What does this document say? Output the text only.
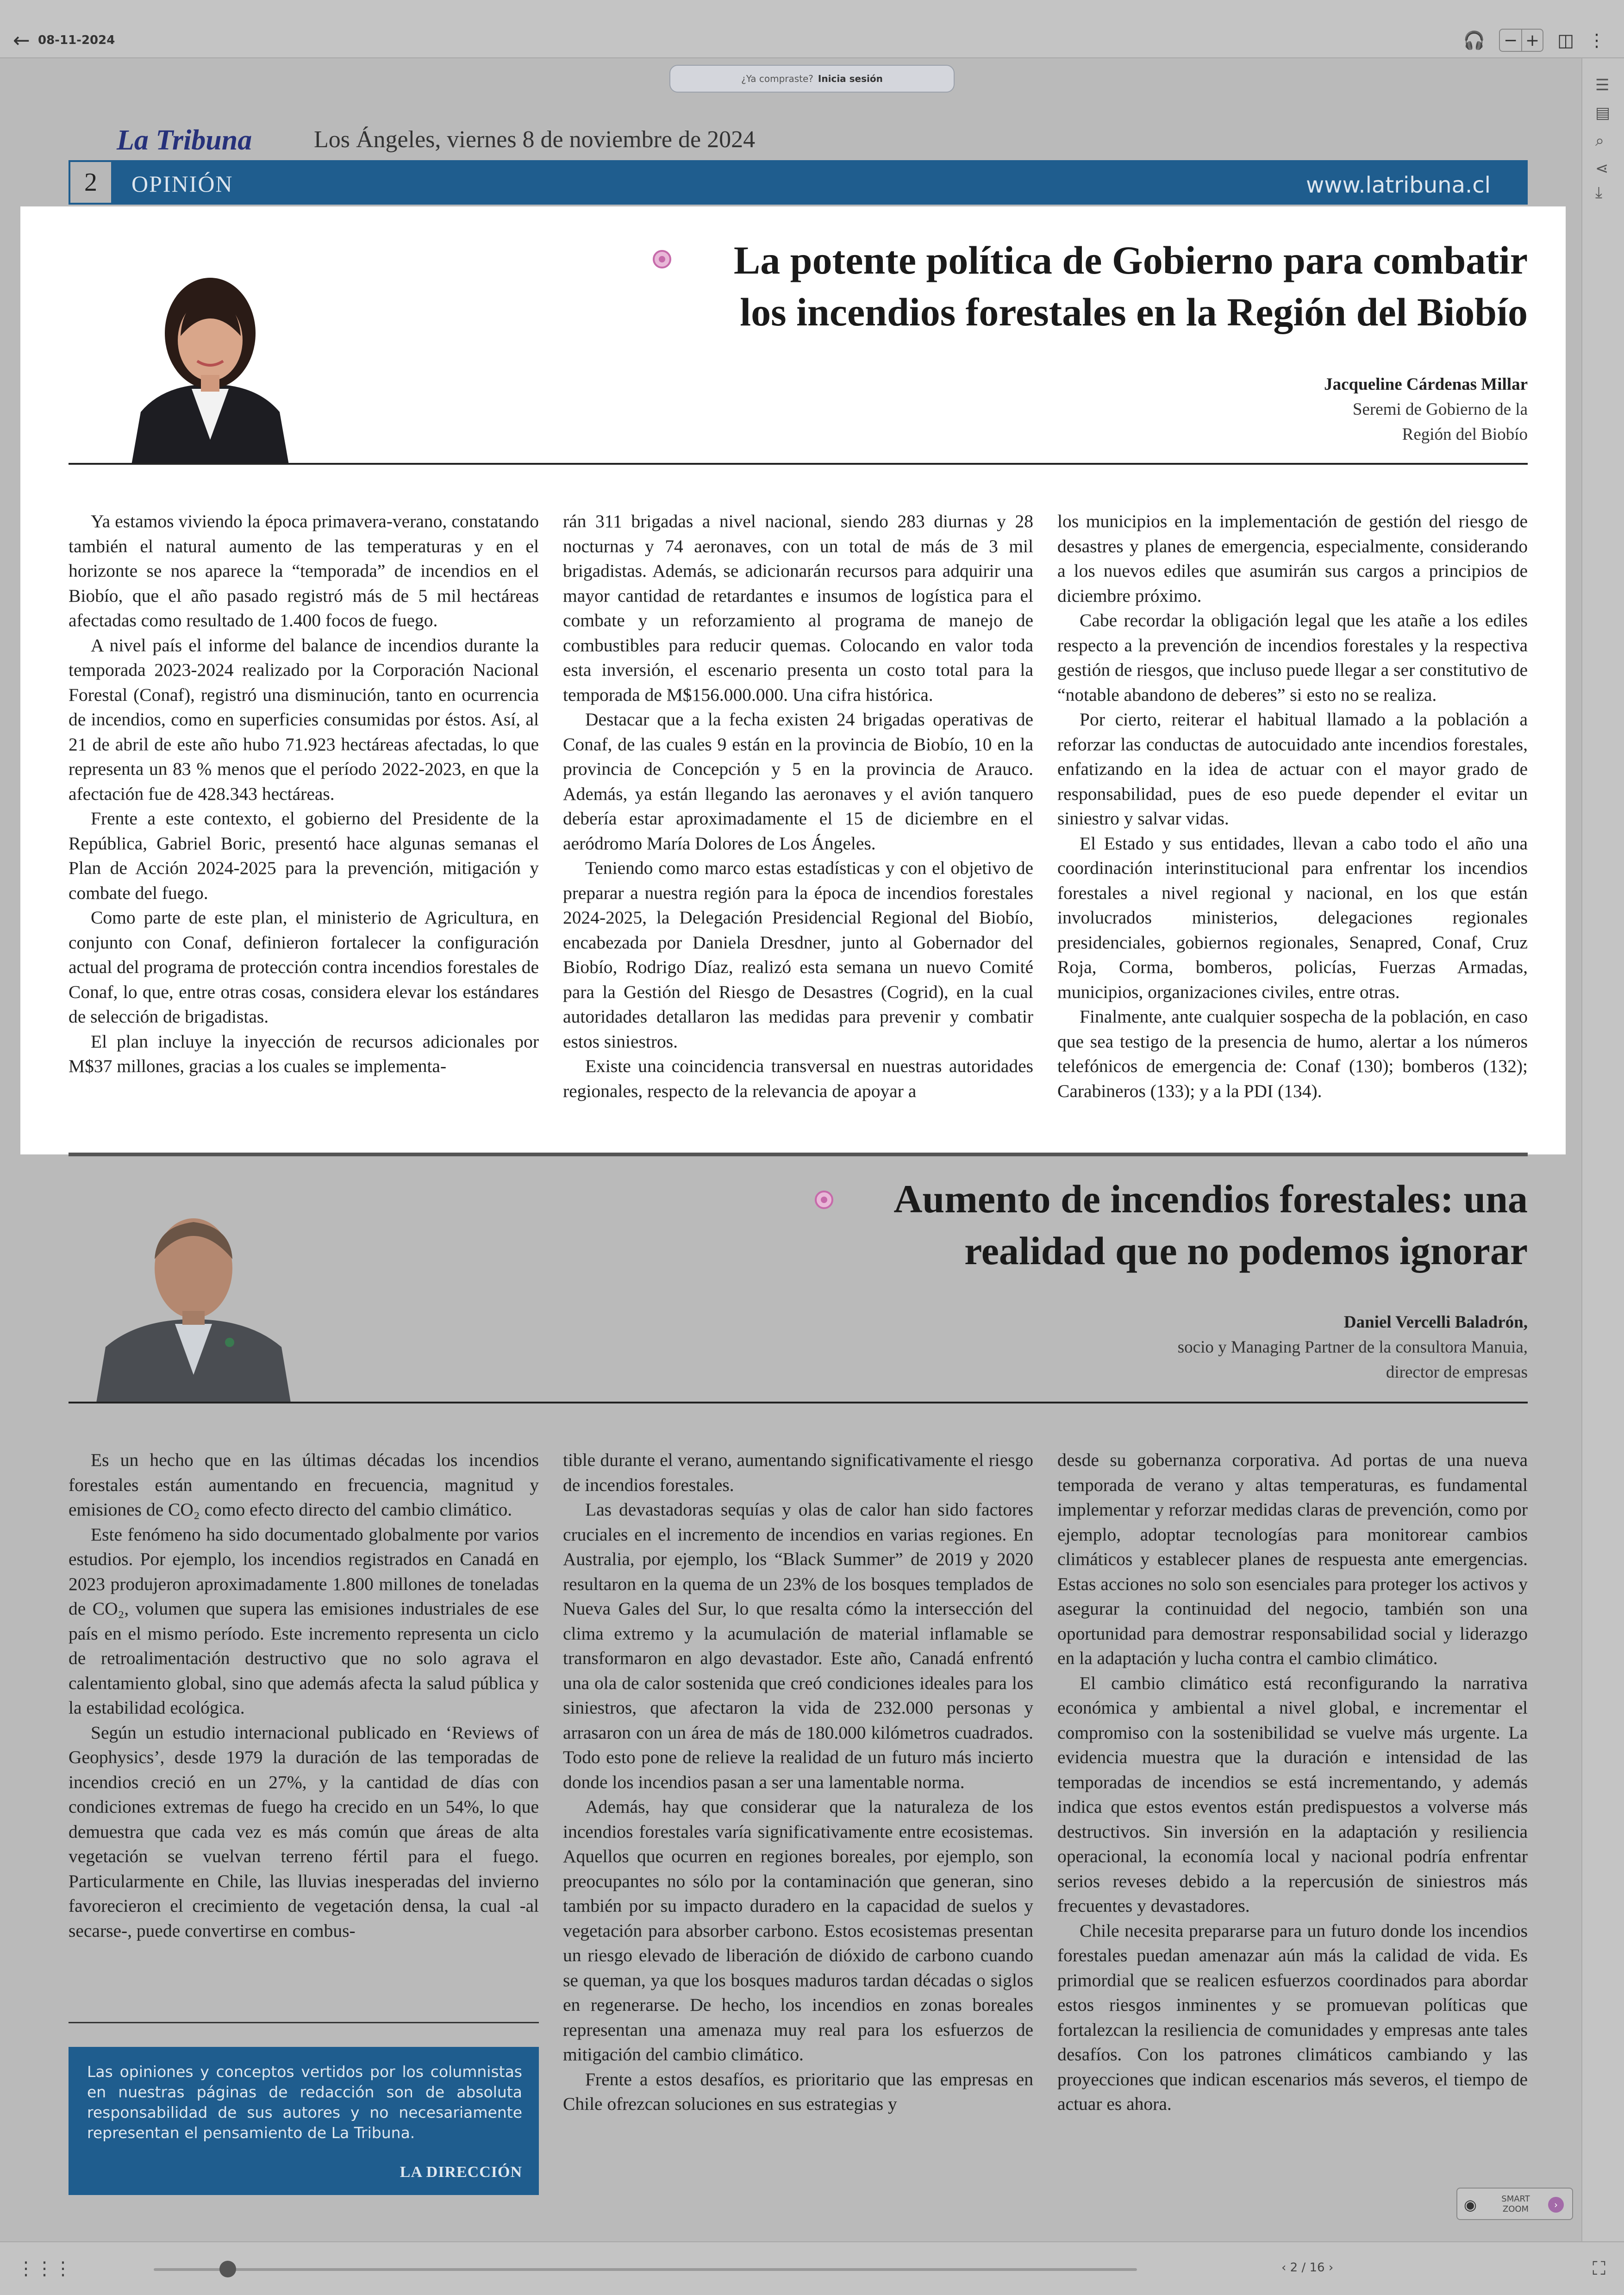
← 08-11-2024	🎧 − + ◫ ⋮
¿Ya compraste? Inicia sesión
La Tribuna	Los Ángeles, viernes 8 de noviembre de 2024
2	OPINIÓN	www.latribuna.cl
La potente política de Gobierno para combatir
los incendios forestales en la Región del Biobío
Jacqueline Cárdenas Millar
Seremi de Gobierno de la
Región del Biobío

Ya estamos viviendo la época primavera-verano, constatando también el natural aumento de las temperaturas y en el horizonte se nos aparece la “temporada” de incendios en el Biobío, que el año pasado registró más de 5 mil hectáreas afectadas como resultado de 1.400 focos de fuego.

A nivel país el informe del balance de incendios durante la temporada 2023-2024 realizado por la Corporación Nacional Forestal (Conaf), registró una disminución, tanto en ocurrencia de incendios, como en superficies consumidas por éstos. Así, al 21 de abril de este año hubo 71.923 hectáreas afectadas, lo que representa un 83 % menos que el período 2022-2023, en que la afectación fue de 428.343 hectáreas.

Frente a este contexto, el gobierno del Presidente de la República, Gabriel Boric, presentó hace algunas semanas el Plan de Acción 2024-2025 para la prevención, mitigación y combate del fuego.

Como parte de este plan, el ministerio de Agricultura, en conjunto con Conaf, definieron fortalecer la configuración actual del programa de protección contra incendios forestales de Conaf, lo que, entre otras cosas, considera elevar los estándares de selección de brigadistas.

El plan incluye la inyección de recursos adicionales por M$37 millones, gracias a los cuales se implementa-

rán 311 brigadas a nivel nacional, siendo 283 diurnas y 28 nocturnas y 74 aeronaves, con un total de más de 3 mil brigadistas. Además, se adicionarán recursos para adquirir una mayor cantidad de retardantes e insumos de logística para el combate y un reforzamiento al programa de manejo de combustibles para reducir quemas. Colocando en valor toda esta inversión, el escenario presenta un costo total para la temporada de M$156.000.000. Una cifra histórica.

Destacar que a la fecha existen 24 brigadas operativas de Conaf, de las cuales 9 están en la provincia de Biobío, 10 en la provincia de Concepción y 5 en la provincia de Arauco. Además, ya están llegando las aeronaves y el avión tanquero debería estar aproximadamente el 15 de diciembre en el aeródromo María Dolores de Los Ángeles.

Teniendo como marco estas estadísticas y con el objetivo de preparar a nuestra región para la época de incendios forestales 2024-2025, la Delegación Presidencial Regional del Biobío, encabezada por Daniela Dresdner, junto al Gobernador del Biobío, Rodrigo Díaz, realizó esta semana un nuevo Comité para la Gestión del Riesgo de Desastres (Cogrid), en la cual autoridades detallaron las medidas para prevenir y combatir estos siniestros.

Existe una coincidencia transversal en nuestras autoridades regionales, respecto de la relevancia de apoyar a

los municipios en la implementación de gestión del riesgo de desastres y planes de emergencia, especialmente, considerando a los nuevos ediles que asumirán sus cargos a principios de diciembre próximo.

Cabe recordar la obligación legal que les atañe a los ediles respecto a la prevención de incendios forestales y la respectiva gestión de riesgos, que incluso puede llegar a ser constitutivo de “notable abandono de deberes” si esto no se realiza.

Por cierto, reiterar el habitual llamado a la población a reforzar las conductas de autocuidado ante incendios forestales, enfatizando en la idea de actuar con el mayor grado de responsabilidad, pues de eso puede depender el evitar un siniestro y salvar vidas.

El Estado y sus entidades, llevan a cabo todo el año una coordinación interinstitucional para enfrentar los incendios forestales a nivel regional y nacional, en los que están involucrados ministerios, delegaciones regionales presidenciales, gobiernos regionales, Senapred, Conaf, Cruz Roja, Corma, bomberos, policías, Fuerzas Armadas, municipios, organizaciones civiles, entre otras.

Finalmente, ante cualquier sospecha de la población, en caso que sea testigo de la presencia de humo, alertar a los números telefónicos de emergencia de: Conaf (130); bomberos (132); Carabineros (133); y a la PDI (134).

Aumento de incendios forestales: una
realidad que no podemos ignorar
Daniel Vercelli Baladrón,
socio y Managing Partner de la consultora Manuia,
director de empresas

Es un hecho que en las últimas décadas los incendios forestales están aumentando en frecuencia, magnitud y emisiones de CO₂ como efecto directo del cambio climático.

Este fenómeno ha sido documentado globalmente por varios estudios. Por ejemplo, los incendios registrados en Canadá en 2023 produjeron aproximadamente 1.800 millones de toneladas de CO₂, volumen que supera las emisiones industriales de ese país en el mismo período. Este incremento representa un ciclo de retroalimentación destructivo que no solo agrava el calentamiento global, sino que además afecta la salud pública y la estabilidad ecológica.

Según un estudio internacional publicado en ‘Reviews of Geophysics’, desde 1979 la duración de las temporadas de incendios creció en un 27%, y la cantidad de días con condiciones extremas de fuego ha crecido en un 54%, lo que demuestra que cada vez es más común que áreas de alta vegetación se vuelvan terreno fértil para el fuego. Particularmente en Chile, las lluvias inesperadas del invierno favorecieron el crecimiento de vegetación densa, la cual -al secarse-, puede convertirse en combus-

tible durante el verano, aumentando significativamente el riesgo de incendios forestales.

Las devastadoras sequías y olas de calor han sido factores cruciales en el incremento de incendios en varias regiones. En Australia, por ejemplo, los “Black Summer” de 2019 y 2020 resultaron en la quema de un 23% de los bosques templados de Nueva Gales del Sur, lo que resalta cómo la intersección del clima extremo y la acumulación de material inflamable se transformaron en algo devastador. Este año, Canadá enfrentó una ola de calor sostenida que creó condiciones ideales para los siniestros, que afectaron la vida de 232.000 personas y arrasaron con un área de más de 180.000 kilómetros cuadrados. Todo esto pone de relieve la realidad de un futuro más incierto donde los incendios pasan a ser una lamentable norma.

Además, hay que considerar que la naturaleza de los incendios forestales varía significativamente entre ecosistemas. Aquellos que ocurren en regiones boreales, por ejemplo, son preocupantes no sólo por la contaminación que generan, sino también por su impacto duradero en la capacidad de suelos y vegetación para absorber carbono. Estos ecosistemas presentan un riesgo elevado de liberación de dióxido de carbono cuando se queman, ya que los bosques maduros tardan décadas o siglos en regenerarse. De hecho, los incendios en zonas boreales representan una amenaza muy real para los esfuerzos de mitigación del cambio climático.

Frente a estos desafíos, es prioritario que las empresas en Chile ofrezcan soluciones en sus estrategias y

desde su gobernanza corporativa. Ad portas de una nueva temporada de verano y altas temperaturas, es fundamental implementar y reforzar medidas claras de prevención, como por ejemplo, adoptar tecnologías para monitorear cambios climáticos y establecer planes de respuesta ante emergencias. Estas acciones no solo son esenciales para proteger los activos y asegurar la continuidad del negocio, también son una oportunidad para demostrar responsabilidad social y liderazgo en la adaptación y lucha contra el cambio climático.

El cambio climático está reconfigurando la narrativa económica y ambiental a nivel global, e incrementar el compromiso con la sostenibilidad se vuelve más urgente. La evidencia muestra que la duración e intensidad de las temporadas de incendios se está incrementando, y además indica que estos eventos están predispuestos a volverse más destructivos. Sin inversión en la adaptación y resiliencia operacional, la economía local y nacional podría enfrentar serios reveses debido a la repercusión de siniestros más frecuentes y devastadores.

Chile necesita prepararse para un futuro donde los incendios forestales puedan amenazar aún más la calidad de vida. Es primordial que se realicen esfuerzos coordinados para abordar estos riesgos inminentes y se promuevan políticas que fortalezcan la resiliencia de comunidades y empresas ante tales desafíos. Con los patrones climáticos cambiando y las proyecciones que indican escenarios más severos, el tiempo de actuar es ahora.

Las opiniones y conceptos vertidos por los columnistas en nuestras páginas de redacción son de absoluta responsabilidad de sus autores y no necesariamente representan el pensamiento de La Tribuna.
LA DIRECCIÓN
☰
▤
⌕
⋖
⤓
◉	SMART ZOOM	›
⋮⋮⋮	‹ 2 / 16 ›	⛶
